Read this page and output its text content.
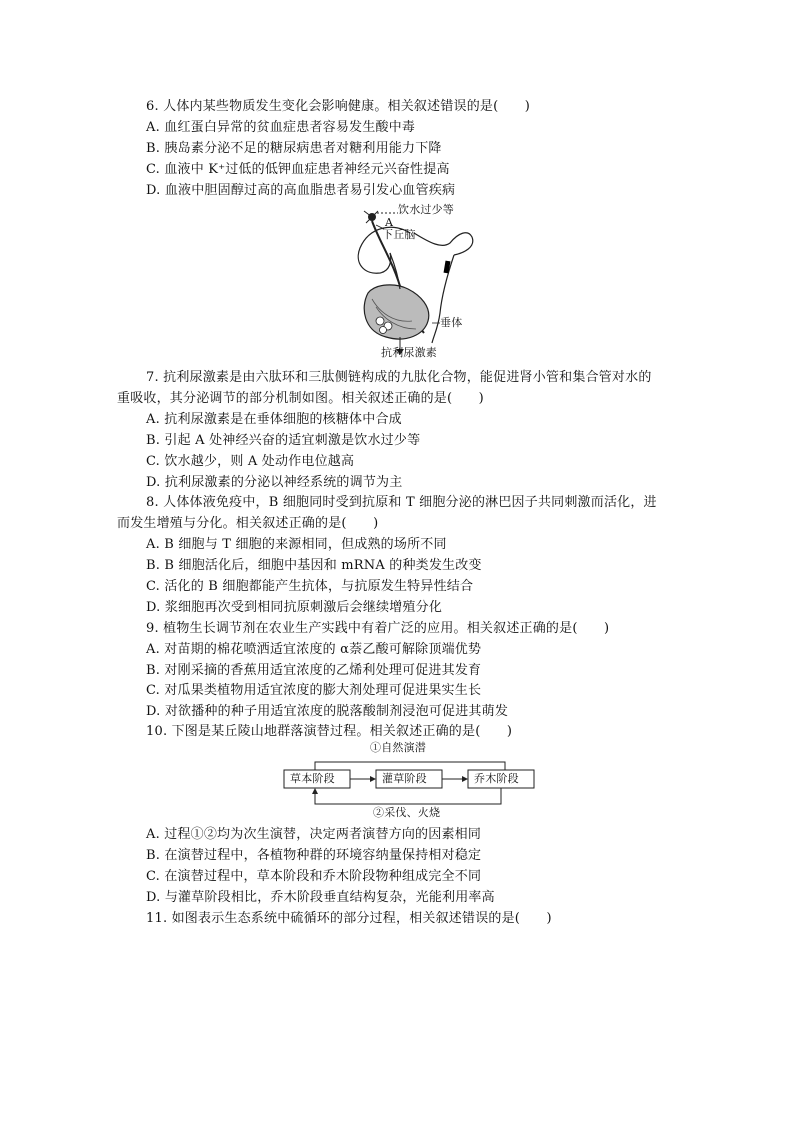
6. 人体内某些物质发生变化会影响健康。相关叙述错误的是(　　)
A. 血红蛋白异常的贫血症患者容易发生酸中毒
B. 胰岛素分泌不足的糖尿病患者对糖利用能力下降
C. 血液中 K⁺过低的低钾血症患者神经元兴奋性提高
D. 血液中胆固醇过高的高血脂患者易引发心血管疾病
饮水过少等
A
下丘脑
垂体
抗利尿激素
7. 抗利尿激素是由六肽环和三肽侧链构成的九肽化合物，能促进肾小管和集合管对水的
重吸收，其分泌调节的部分机制如图。相关叙述正确的是(　　)
A. 抗利尿激素是在垂体细胞的核糖体中合成
B. 引起 A 处神经兴奋的适宜刺激是饮水过少等
C. 饮水越少，则 A 处动作电位越高
D. 抗利尿激素的分泌以神经系统的调节为主
8. 人体体液免疫中，B 细胞同时受到抗原和 T 细胞分泌的淋巴因子共同刺激而活化，进
而发生增殖与分化。相关叙述正确的是(　　)
A. B 细胞与 T 细胞的来源相同，但成熟的场所不同
B. B 细胞活化后，细胞中基因和 mRNA 的种类发生改变
C. 活化的 B 细胞都能产生抗体，与抗原发生特异性结合
D. 浆细胞再次受到相同抗原刺激后会继续增殖分化
9. 植物生长调节剂在农业生产实践中有着广泛的应用。相关叙述正确的是(　　)
A. 对苗期的棉花喷洒适宜浓度的 α萘乙酸可解除顶端优势
B. 对刚采摘的香蕉用适宜浓度的乙烯利处理可促进其发育
C. 对瓜果类植物用适宜浓度的膨大剂处理可促进果实生长
D. 对欲播种的种子用适宜浓度的脱落酸制剂浸泡可促进其萌发
10. 下图是某丘陵山地群落演替过程。相关叙述正确的是(　　)
①自然演潜
草本阶段	灌草阶段	乔木阶段
②采伐、火烧
A. 过程①②均为次生演替，决定两者演替方向的因素相同
B. 在演替过程中，各植物种群的环境容纳量保持相对稳定
C. 在演替过程中，草本阶段和乔木阶段物种组成完全不同
D. 与灌草阶段相比，乔木阶段垂直结构复杂，光能利用率高
11. 如图表示生态系统中硫循环的部分过程，相关叙述错误的是(　　)
